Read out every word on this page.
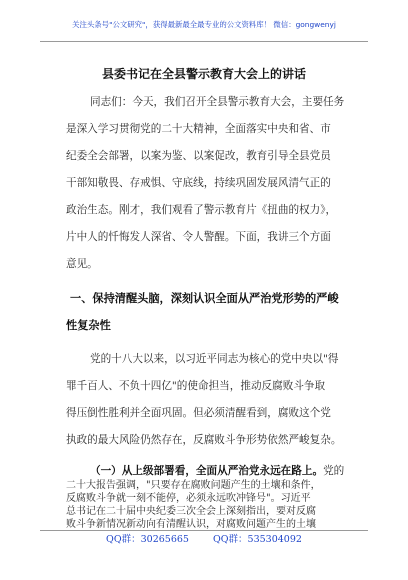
关注头条号"公文研究"，获得最新最全最专业的公文资料库！ 微信：gongwenyj
县委书记在全县警示教育大会上的讲话
同志们：今天，我们召开全县警示教育大会，主要任务
是深入学习贯彻党的二十大精神，全面落实中央和省、市
纪委全会部署，以案为鉴、以案促改，教育引导全县党员
干部知敬畏、存戒惧、守底线，持续巩固发展风清气正的
政治生态。刚才，我们观看了警示教育片《扭曲的权力》，
片中人的忏悔发人深省、令人警醒。下面，我讲三个方面
意见。
一、保持清醒头脑，深刻认识全面从严治党形势的严峻
性复杂性
党的十八大以来，以习近平同志为核心的党中央以"得
罪千百人、不负十四亿"的使命担当，推动反腐败斗争取
得压倒性胜利并全面巩固。但必须清醒看到，腐败这个党
执政的最大风险仍然存在，反腐败斗争形势依然严峻复杂。
（一）从上级部署看，全面从严治党永远在路上。党的
二十大报告强调，"只要存在腐败问题产生的土壤和条件，
反腐败斗争就一刻不能停，必须永远吹冲锋号"。习近平
总书记在二十届中央纪委三次全会上深刻指出，要对反腐
败斗争新情况新动向有清醒认识，对腐败问题产生的土壤
QQ群：30265665	QQ群：535304092
